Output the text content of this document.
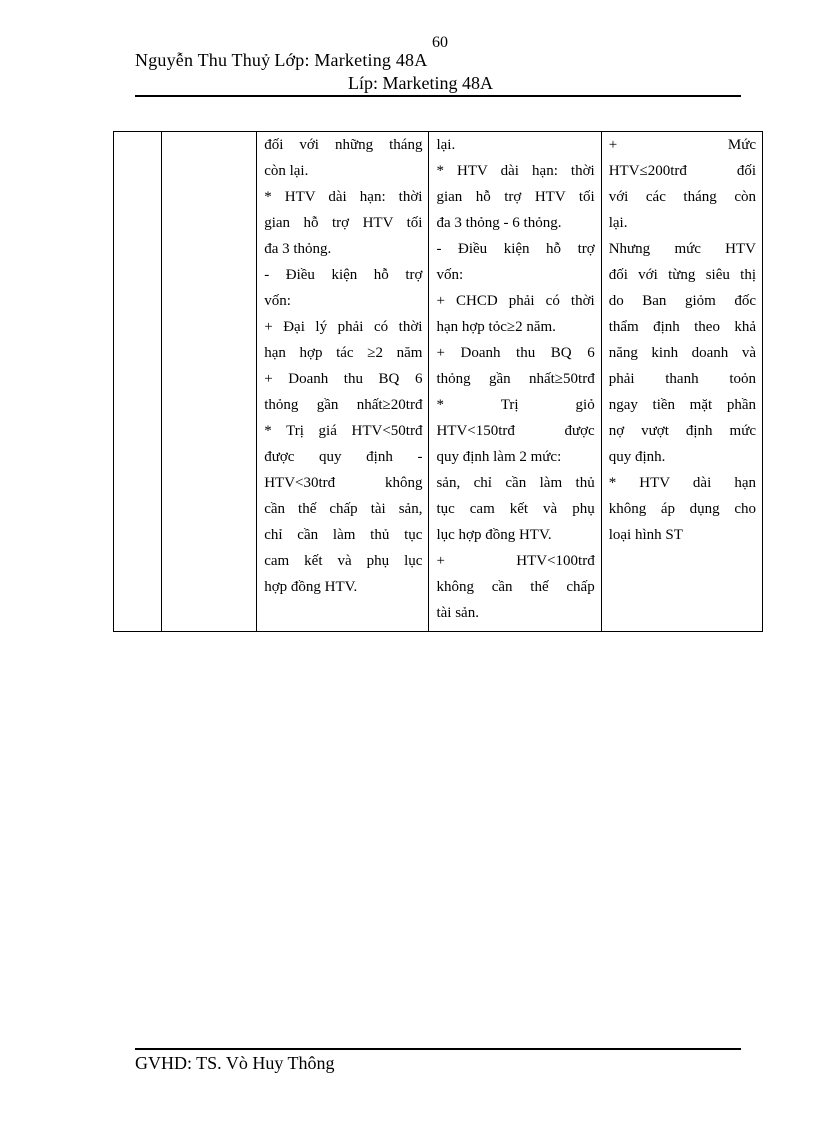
60
Nguyễn Thu Thuỷ Lớp: Marketing 48A
Líp: Marketing 48A

đối với những tháng
còn lại.
* HTV dài hạn: thời
gian hỗ trợ HTV tối
đa 3 thỏng.
- Điều kiện hỗ trợ
vốn:
+ Đại lý phải có thời
hạn hợp tác ≥2 năm
+ Doanh thu BQ 6
thỏng gần nhất≥20trđ
* Trị giá HTV<50trđ
được quy định -
HTV<30trđ không
cần thế chấp tài sản,
chỉ cần làm thủ tục
cam kết và phụ lục
hợp đồng HTV.

lại.
* HTV dài hạn: thời
gian hỗ trợ HTV tối
đa 3 thỏng - 6 thỏng.
- Điều kiện hỗ trợ
vốn:
+ CHCD phải có thời
hạn hợp tỏc≥2 năm.
+ Doanh thu BQ 6
thỏng gần nhất≥50trđ
* Trị giỏ
HTV<150trđ được
quy định làm 2 mức:
sản, chỉ cần làm thủ
tục cam kết và phụ
lục hợp đồng HTV.
+ HTV<100trđ
không cần thế chấp
tài sản.

+ Mức
HTV≤200trđ đối
với các tháng còn
lại.
Nhưng mức HTV
đối với từng siêu thị
do Ban giỏm đốc
thẩm định theo khả
năng kinh doanh và
phải thanh toỏn
ngay tiền mặt phần
nợ vượt định mức
quy định.
* HTV dài hạn
không áp dụng cho
loại hình ST
GVHD: TS. Vò Huy Thông
